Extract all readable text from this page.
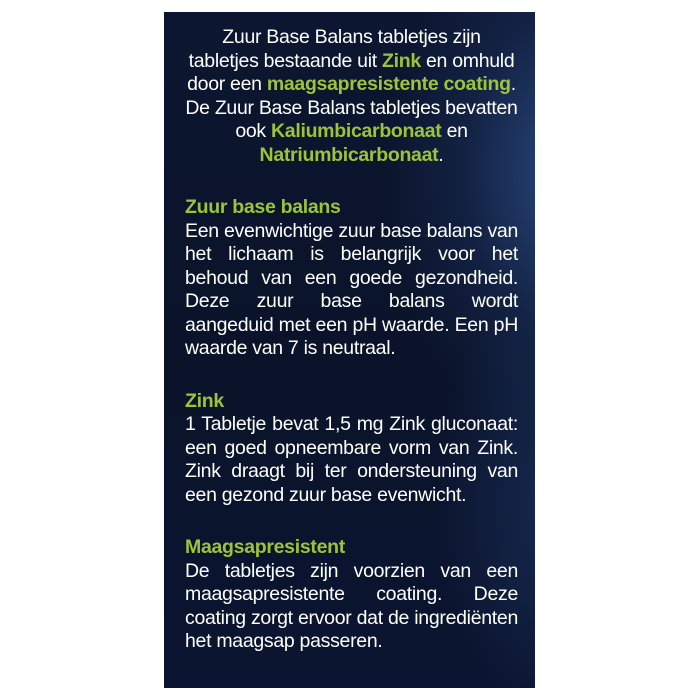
Zuur Base Balans tabletjes zijn tabletjes bestaande uit Zink en omhuld door een maagsapresistente coating. De Zuur Base Balans tabletjes bevatten ook Kaliumbicarbonaat en Natriumbicarbonaat.

Zuur base balans

Een evenwichtige zuur base balans van het lichaam is belangrijk voor het behoud van een goede gezondheid. Deze zuur base balans wordt aangeduid met een pH waarde. Een pH waarde van 7 is neutraal.

Zink

1 Tabletje bevat 1,5 mg Zink gluconaat: een goed opneembare vorm van Zink. Zink draagt bij ter ondersteuning van een gezond zuur base evenwicht.

Maagsapresistent

De tabletjes zijn voorzien van een maagsapresistente coating. Deze coating zorgt ervoor dat de ingrediënten het maagsap passeren.
